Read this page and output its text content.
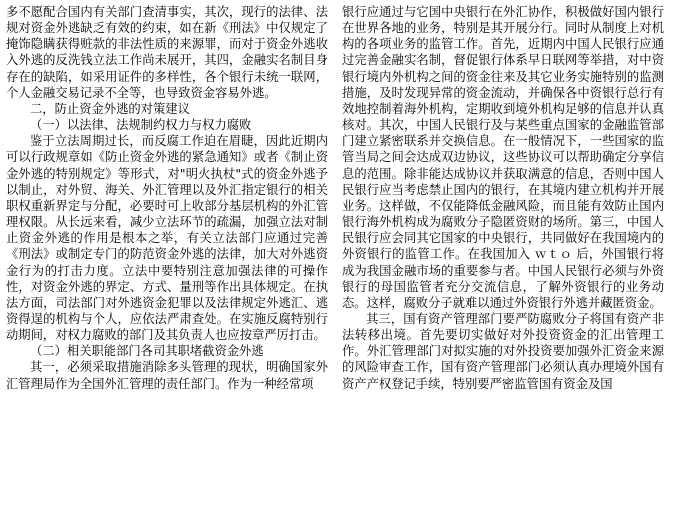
多不愿配合国内有关部门查清事实，其次，现行的法律、法规对资金外逃缺乏有效的约束，如在新《刑法》中仅规定了掩饰隐瞒获得赃款的非法性质的来源罪，而对于资金外逃收入外逃的反洗钱立法工作尚未展开，其四，金融实名制目身存在的缺陷，如采用证件的多样性，各个银行未统一联网，个人金融交易记录不全等，也导致资金容易外逃。

二，防止资金外逃的对策建议

（一）以法律、法规制约权力与权力腐败

鉴于立法周期过长，而反腐工作迫在眉睫，因此近期内可以行政规章如《防止资金外逃的紧急通知》或者《制止资金外逃的特别规定》等形式，对"明火执杖"式的资金外逃予以制止，对外贸、海关、外汇管理以及外汇指定银行的相关职权重新界定与分配，必要时可上收部分基层机构的外汇管理权限。从长远来看，减少立法环节的疏漏，加强立法对制止资金外逃的作用是根本之举，有关立法部门应通过完善《刑法》或制定专门的防范资金外逃的法律，加大对外逃资金行为的打击力度。立法中要特别注意加强法律的可操作性，对资金外逃的界定、方式、量刑等作出具体规定。在执法方面，司法部门对外逃资金犯罪以及法律规定外逃汇、逃资得逞的机构与个人，应依法严肃查处。在实施反腐特别行动期间，对权力腐败的部门及其负责人也应按章严厉打击。

（二）相关职能部门各司其职堵截资金外逃

其一，必须采取措施消除多头管理的现状，明确国家外汇管理局作为全国外汇管理的责任部门。作为一种经常项

银行应通过与它国中央银行在外汇协作，积极做好国内银行在世界各地的业务，特别是其开展分行。同时从制度上对机构的各项业务的监管工作。首先，近期内中国人民银行应通过完善金融实名制，督促银行体系早日联网等举措，对中资银行境内外机构之间的资金往来及其它业务实施特别的监测措施，及时发现异常的资金流动，并确保各中资银行总行有效地控制着海外机构，定期收到境外机构足够的信息并认真核对。其次，中国人民银行及与某些重点国家的金融监管部门建立紧密联系并交换信息。在一般情况下，一些国家的监管当局之间会达成双边协议，这些协议可以帮助确定分享信息的范围。除非能达成协议并获取满意的信息，否则中国人民银行应当考虑禁止国内的银行，在其境内建立机构并开展业务。这样做，不仅能降低金融风险，而且能有效防止国内银行海外机构成为腐败分子隐匿资财的场所。第三，中国人民银行应会同其它国家的中央银行，共同做好在我国境内的外资银行的监管工作。在我国加入 ｗｔｏ 后，外国银行将成为我国金融市场的重要参与者。中国人民银行必须与外资银行的母国监管者充分交流信息，了解外资银行的业务动态。这样，腐败分子就难以通过外资银行外逃并藏匿资金。

其三，国有资产管理部门要严防腐败分子将国有资产非法转移出境。首先要切实做好对外投资资金的汇出管理工作。外汇管理部门对拟实施的对外投资要加强外汇资金来源的风险审查工作，国有资产管理部门必须认真办理境外国有资产产权登记手续，特别要严密监管国有资金及国
